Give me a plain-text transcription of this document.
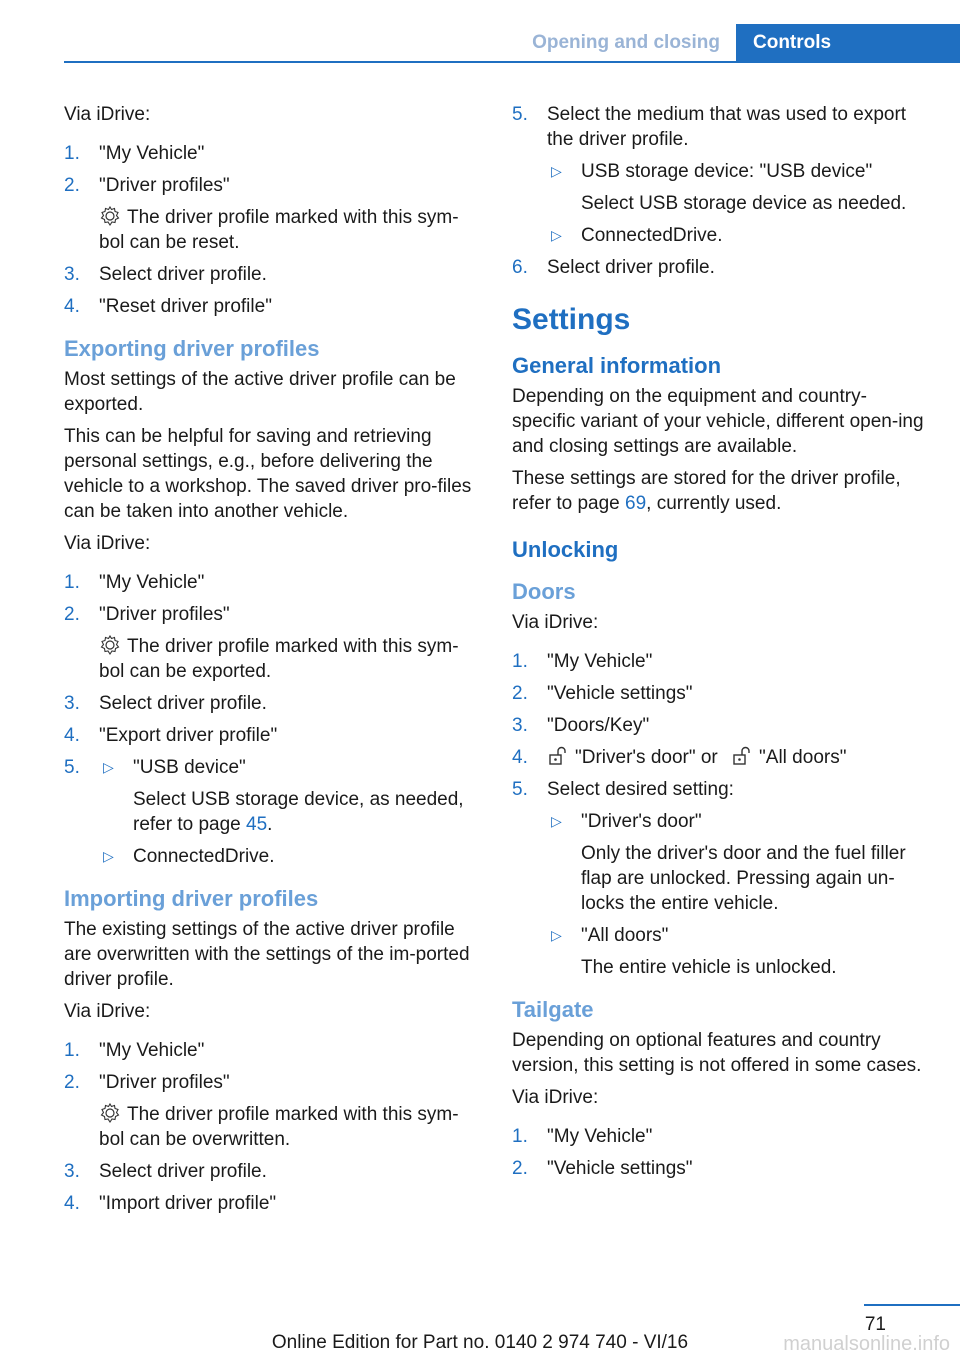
Opening and closing	Controls

Via iDrive:

1. "My Vehicle"
2. "Driver profiles"
The driver profile marked with this sym‐bol can be reset.
3. Select driver profile.
4. "Reset driver profile"
Exporting driver profiles

Most settings of the active driver profile can be exported.

This can be helpful for saving and retrieving personal settings, e.g., before delivering the vehicle to a workshop. The saved driver pro‐files can be taken into another vehicle.

Via iDrive:

1. "My Vehicle"
2. "Driver profiles"
The driver profile marked with this sym‐bol can be exported.
3. Select driver profile.
4. "Export driver profile"
5. ▷ "USB device"
Select USB storage device, as needed, refer to page 45.
▷ ConnectedDrive.
Importing driver profiles

The existing settings of the active driver profile are overwritten with the settings of the im‐ported driver profile.

Via iDrive:

1. "My Vehicle"
2. "Driver profiles"
The driver profile marked with this sym‐bol can be overwritten.
3. Select driver profile.
4. "Import driver profile"
5. Select the medium that was used to export the driver profile.
▷ USB storage device: "USB device"
Select USB storage device as needed.
▷ ConnectedDrive.
6. Select driver profile.
Settings
General information

Depending on the equipment and country-specific variant of your vehicle, different open‐ing and closing settings are available.

These settings are stored for the driver profile, refer to page 69, currently used.

Unlocking
Doors

Via iDrive:

1. "My Vehicle"
2. "Vehicle settings"
3. "Doors/Key"
4. "Driver's door" or "All doors"
5. Select desired setting:
▷ "Driver's door"
Only the driver's door and the fuel filler flap are unlocked. Pressing again un‐locks the entire vehicle.
▷ "All doors"
The entire vehicle is unlocked.
Tailgate

Depending on optional features and country version, this setting is not offered in some cases.

Via iDrive:

1. "My Vehicle"
2. "Vehicle settings"
71
Online Edition for Part no. 0140 2 974 740 - VI/16	manualsonline.info
